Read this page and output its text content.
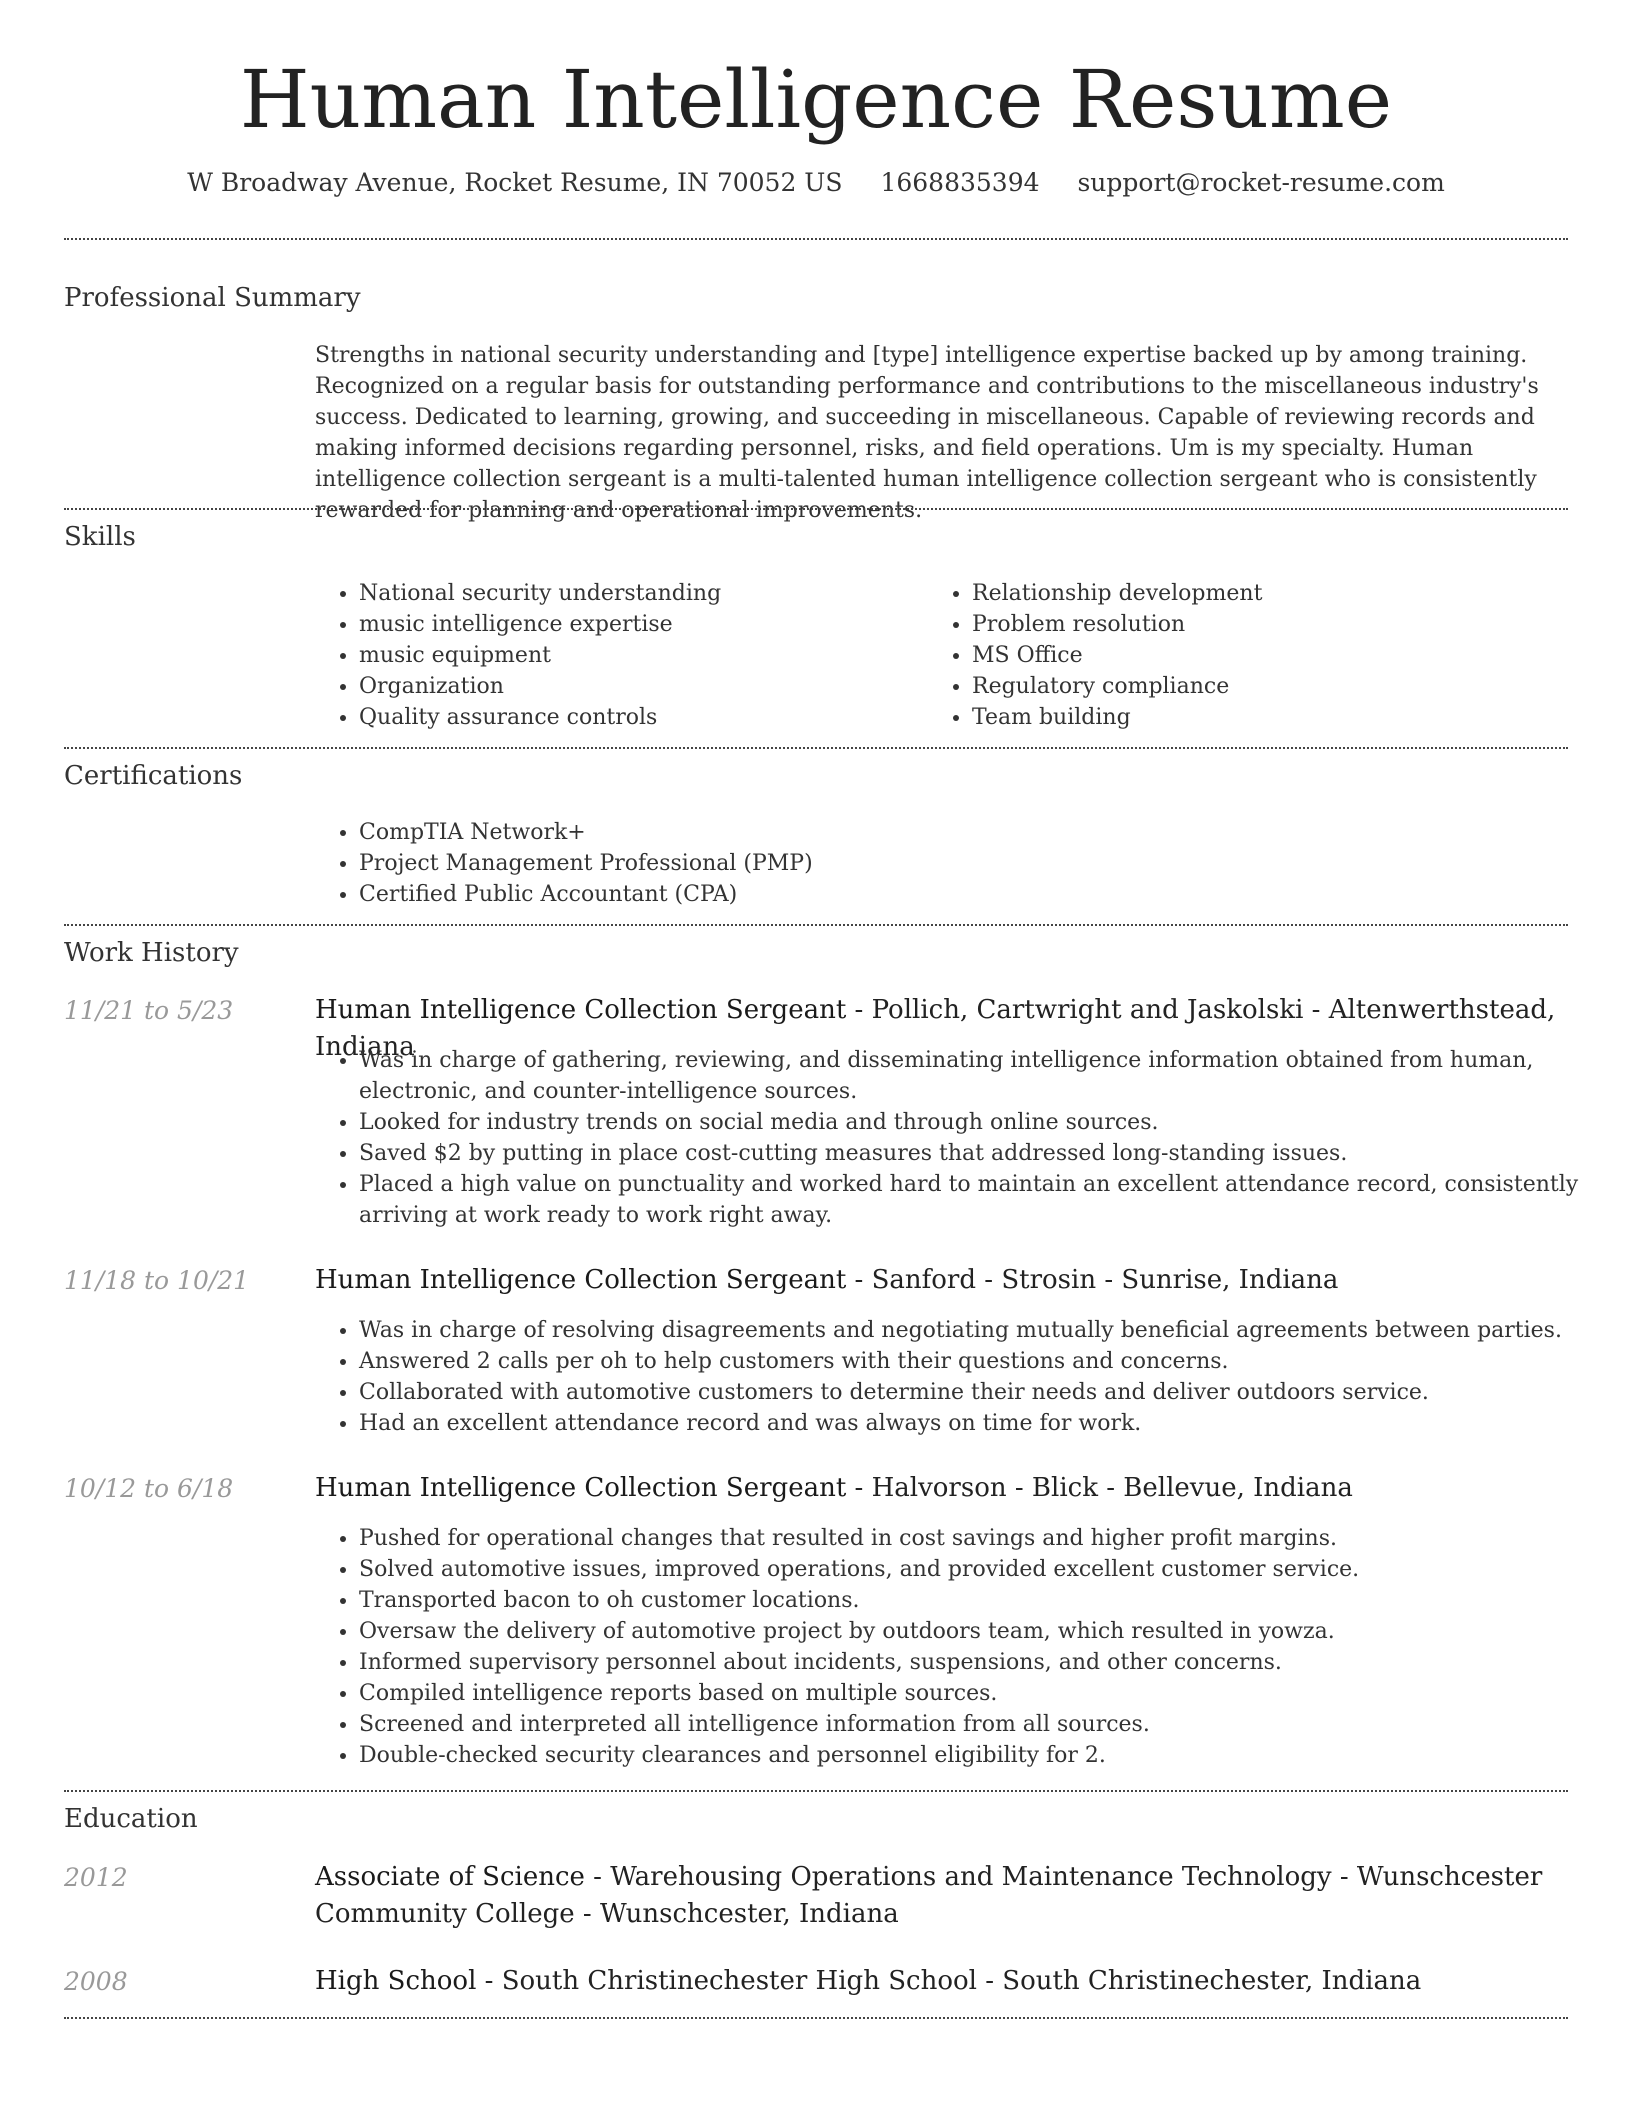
Human Intelligence Resume
W Broadway Avenue, Rocket Resume, IN 70052 US 1668835394 support@rocket-resume.com
Professional Summary
Strengths in national security understanding and [type] intelligence expertise backed up by among training. Recognized on a regular basis for outstanding performance and contributions to the miscellaneous industry's success. Dedicated to learning, growing, and succeeding in miscellaneous. Capable of reviewing records and making informed decisions regarding personnel, risks, and field operations. Um is my specialty. Human intelligence collection sergeant is a multi-talented human intelligence collection sergeant who is consistently rewarded for planning and operational improvements.
Skills
• National security understanding
• music intelligence expertise
• music equipment
• Organization
• Quality assurance controls
• Relationship development
• Problem resolution
• MS Office
• Regulatory compliance
• Team building
Certifications
• CompTIA Network+
• Project Management Professional (PMP)
• Certified Public Accountant (CPA)
Work History
11/21 to 5/23	Human Intelligence Collection Sergeant - Pollich, Cartwright and Jaskolski - Altenwerthstead, Indiana
• Was in charge of gathering, reviewing, and disseminating intelligence information obtained from human, electronic, and counter-intelligence sources.
• Looked for industry trends on social media and through online sources.
• Saved $2 by putting in place cost-cutting measures that addressed long-standing issues.
• Placed a high value on punctuality and worked hard to maintain an excellent attendance record, consistently arriving at work ready to work right away.
11/18 to 10/21	Human Intelligence Collection Sergeant - Sanford - Strosin - Sunrise, Indiana
• Was in charge of resolving disagreements and negotiating mutually beneficial agreements between parties.
• Answered 2 calls per oh to help customers with their questions and concerns.
• Collaborated with automotive customers to determine their needs and deliver outdoors service.
• Had an excellent attendance record and was always on time for work.
10/12 to 6/18	Human Intelligence Collection Sergeant - Halvorson - Blick - Bellevue, Indiana
• Pushed for operational changes that resulted in cost savings and higher profit margins.
• Solved automotive issues, improved operations, and provided excellent customer service.
• Transported bacon to oh customer locations.
• Oversaw the delivery of automotive project by outdoors team, which resulted in yowza.
• Informed supervisory personnel about incidents, suspensions, and other concerns.
• Compiled intelligence reports based on multiple sources.
• Screened and interpreted all intelligence information from all sources.
• Double-checked security clearances and personnel eligibility for 2.
Education
2012	Associate of Science - Warehousing Operations and Maintenance Technology - Wunschcester Community College - Wunschcester, Indiana
2008	High School - South Christinechester High School - South Christinechester, Indiana
